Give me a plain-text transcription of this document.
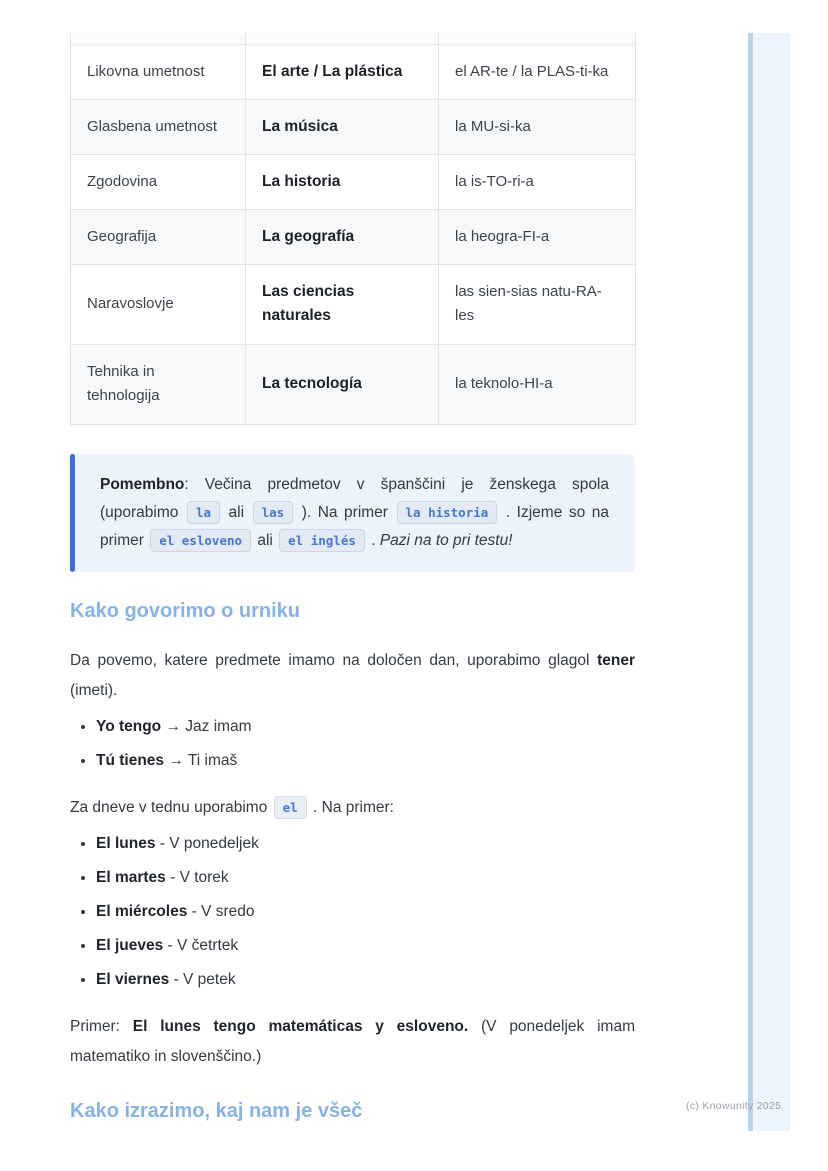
Likovna umetnost	El arte / La plástica	el AR-te / la PLAS-ti-ka
Glasbena umetnost	La música	la MU-si-ka
Zgodovina	La historia	la is-TO-ri-a
Geografija	La geografía	la heogra-FI-a
Naravoslovje	Las ciencias naturales	las sien-sias natu-RA-les
Tehnika in tehnologija	La tecnología	la teknolo-HI-a

Pomembno: Večina predmetov v španščini je ženskega spola (uporabimo la ali las ). Na primer la historia . Izjeme so na primer el esloveno ali el inglés . Pazi na to pri testu!

Kako govorimo o urniku

Da povemo, katere predmete imamo na določen dan, uporabimo glagol tener (imeti).

• Yo tengo → Jaz imam
• Tú tienes → Ti imaš

Za dneve v tednu uporabimo el . Na primer:

• El lunes - V ponedeljek
• El martes - V torek
• El miércoles - V sredo
• El jueves - V četrtek
• El viernes - V petek

Primer: El lunes tengo matemáticas y esloveno. (V ponedeljek imam matematiko in slovenščino.)

Kako izrazimo, kaj nam je všeč	(c) Knowunity 2025
